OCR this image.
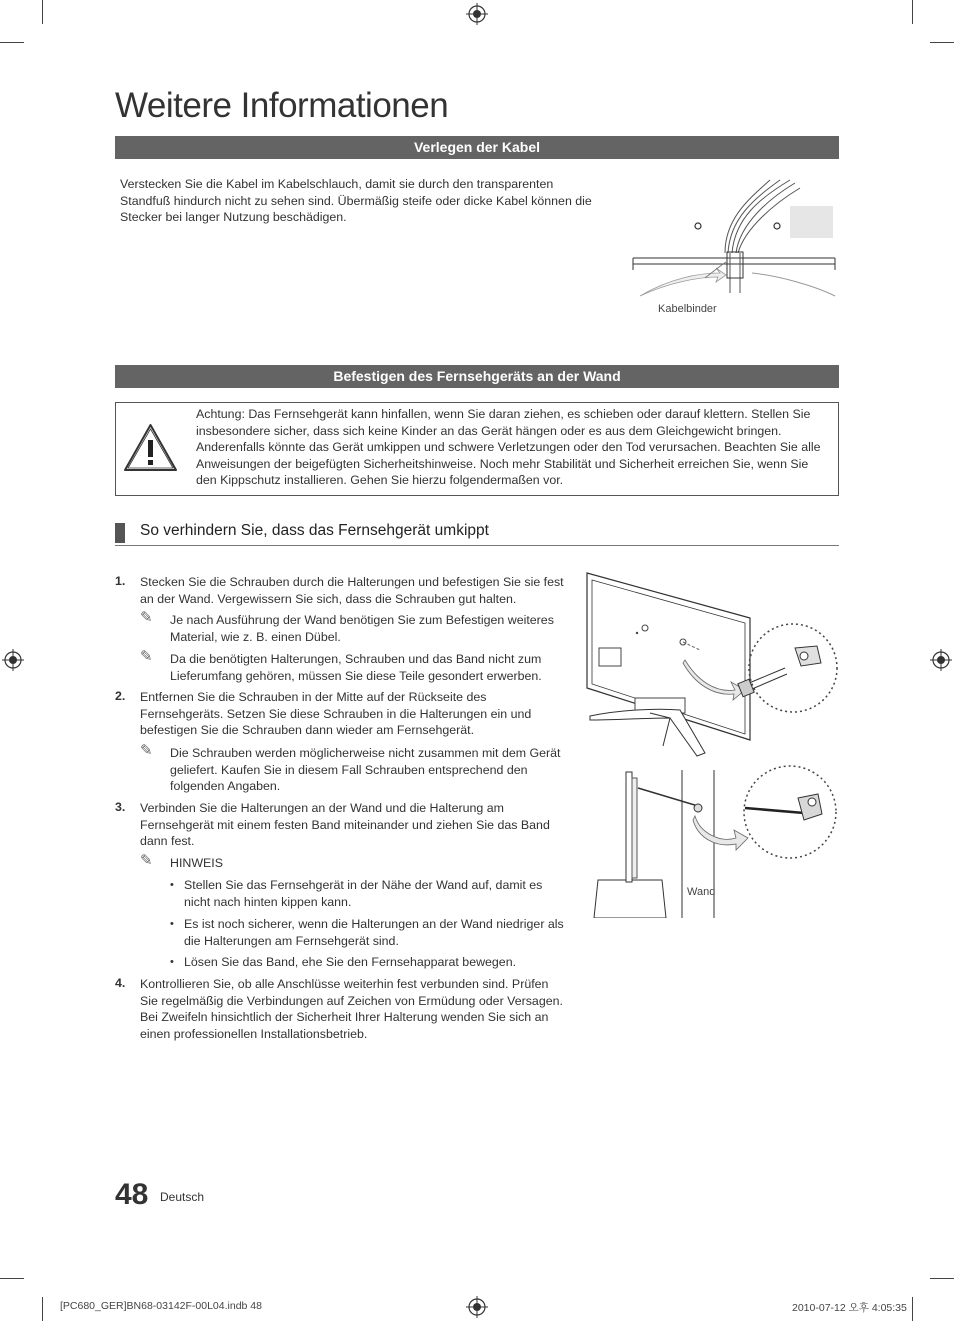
Weitere Informationen
Verlegen der Kabel
Verstecken Sie die Kabel im Kabelschlauch, damit sie durch den transparenten Standfuß hindurch nicht zu sehen sind. Übermäßig steife oder dicke Kabel können die Stecker bei langer Nutzung beschädigen.
Kabelbinder
Befestigen des Fernsehgeräts an der Wand
Achtung: Das Fernsehgerät kann hinfallen, wenn Sie daran ziehen, es schieben oder darauf klettern. Stellen Sie insbesondere sicher, dass sich keine Kinder an das Gerät hängen oder es aus dem Gleichgewicht bringen. Anderenfalls könnte das Gerät umkippen und schwere Verletzungen oder den Tod verursachen. Beachten Sie alle Anweisungen der beigefügten Sicherheitshinweise. Noch mehr Stabilität und Sicherheit erreichen Sie, wenn Sie den Kippschutz installieren. Gehen Sie hierzu folgendermaßen vor.
So verhindern Sie, dass das Fernsehgerät umkippt
1. Stecken Sie die Schrauben durch die Halterungen und befestigen Sie sie fest an der Wand. Vergewissern Sie sich, dass die Schrauben gut halten.
✎ Je nach Ausführung der Wand benötigen Sie zum Befestigen weiteres Material, wie z. B. einen Dübel.
✎ Da die benötigten Halterungen, Schrauben und das Band nicht zum Lieferumfang gehören, müssen Sie diese Teile gesondert erwerben.
2. Entfernen Sie die Schrauben in der Mitte auf der Rückseite des Fernsehgeräts. Setzen Sie diese Schrauben in die Halterungen ein und befestigen Sie die Schrauben dann wieder am Fernsehgerät.
✎ Die Schrauben werden möglicherweise nicht zusammen mit dem Gerät geliefert. Kaufen Sie in diesem Fall Schrauben entsprechend den folgenden Angaben.
3. Verbinden Sie die Halterungen an der Wand und die Halterung am Fernsehgerät mit einem festen Band miteinander und ziehen Sie das Band dann fest.
✎ HINWEIS
• Stellen Sie das Fernsehgerät in der Nähe der Wand auf, damit es nicht nach hinten kippen kann.
• Es ist noch sicherer, wenn die Halterungen an der Wand niedriger als die Halterungen am Fernsehgerät sind.
• Lösen Sie das Band, ehe Sie den Fernsehapparat bewegen.
4. Kontrollieren Sie, ob alle Anschlüsse weiterhin fest verbunden sind. Prüfen Sie regelmäßig die Verbindungen auf Zeichen von Ermüdung oder Versagen. Bei Zweifeln hinsichtlich der Sicherheit Ihrer Halterung wenden Sie sich an einen professionellen Installationsbetrieb.
Wand
48 Deutsch
[PC680_GER]BN68-03142F-00L04.indb 48	2010-07-12 오후 4:05:35
